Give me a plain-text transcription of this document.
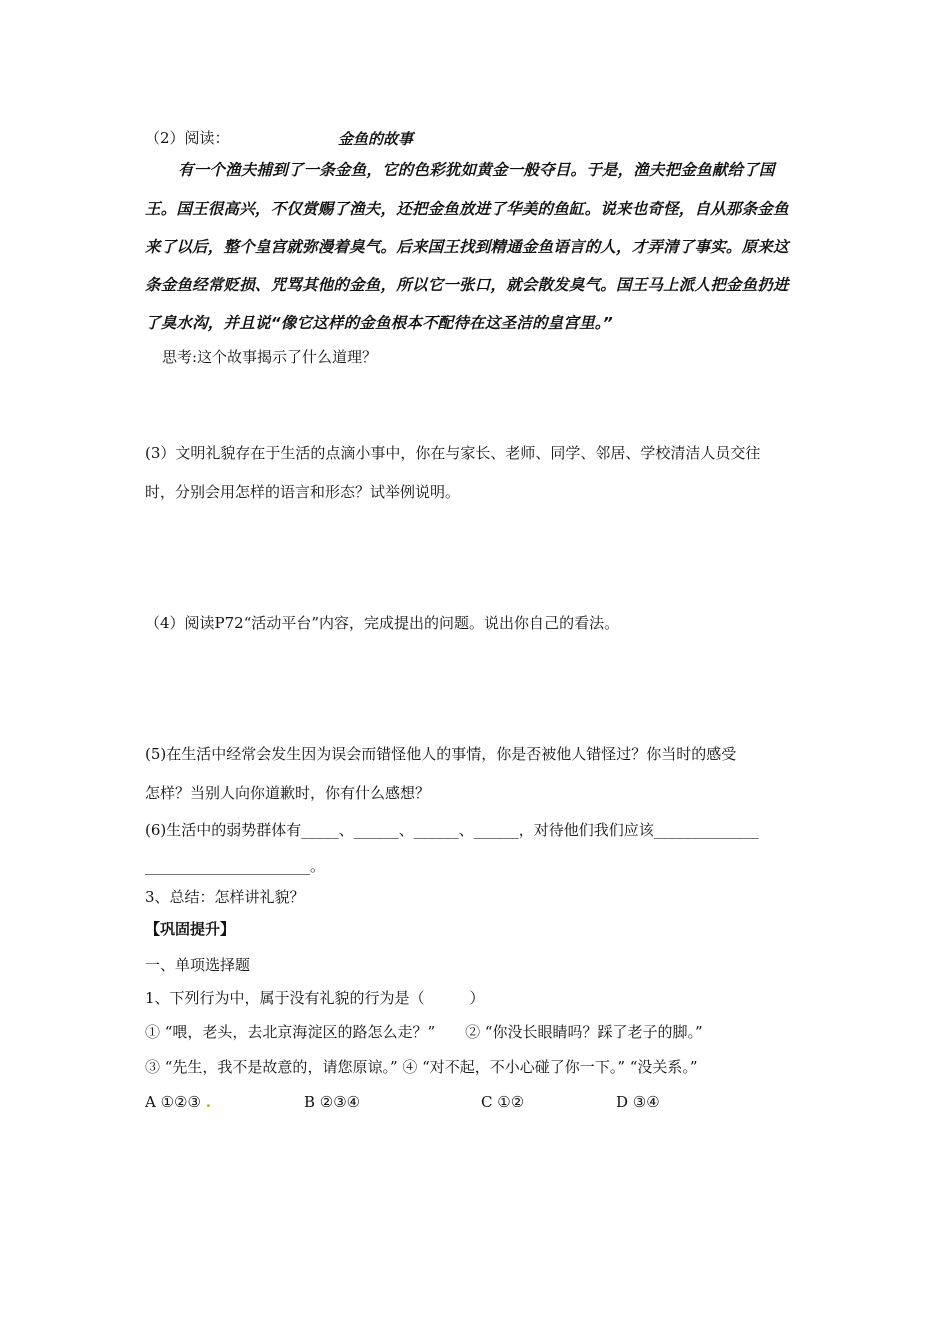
（2）阅读：	金鱼的故事
有一个渔夫捕到了一条金鱼，它的色彩犹如黄金一般夺目。于是，渔夫把金鱼献给了国
王。国王很高兴，不仅赏赐了渔夫，还把金鱼放进了华美的鱼缸。说来也奇怪，自从那条金鱼
来了以后，整个皇宫就弥漫着臭气。后来国王找到精通金鱼语言的人，才弄清了事实。原来这
条金鱼经常贬损、咒骂其他的金鱼，所以它一张口，就会散发臭气。国王马上派人把金鱼扔进
了臭水沟，并且说“像它这样的金鱼根本不配待在这圣洁的皇宫里。”
思考:这个故事揭示了什么道理？
(3）文明礼貌存在于生活的点滴小事中，你在与家长、老师、同学、邻居、学校清洁人员交往
时，分别会用怎样的语言和形态？试举例说明。
（4）阅读P72“活动平台”内容，完成提出的问题。说出你自己的看法。
(5)在生活中经常会发生因为误会而错怪他人的事情，你是否被他人错怪过？你当时的感受
怎样？当别人向你道歉时，你有什么感想？
(6)生活中的弱势群体有_____、______、______、______，对待他们我们应该______________
______________________。
3、总结：怎样讲礼貌？
【巩固提升】
一、单项选择题
1、下列行为中，属于没有礼貌的行为是（　　　）
① “喂，老头，去北京海淀区的路怎么走？”　　② “你没长眼睛吗？踩了老子的脚。”
③ “先生，我不是故意的，请您原谅。” ④ “对不起，不小心碰了你一下。” “没关系。”
A ①②③ .	B ②③④	C ①②	D ③④
